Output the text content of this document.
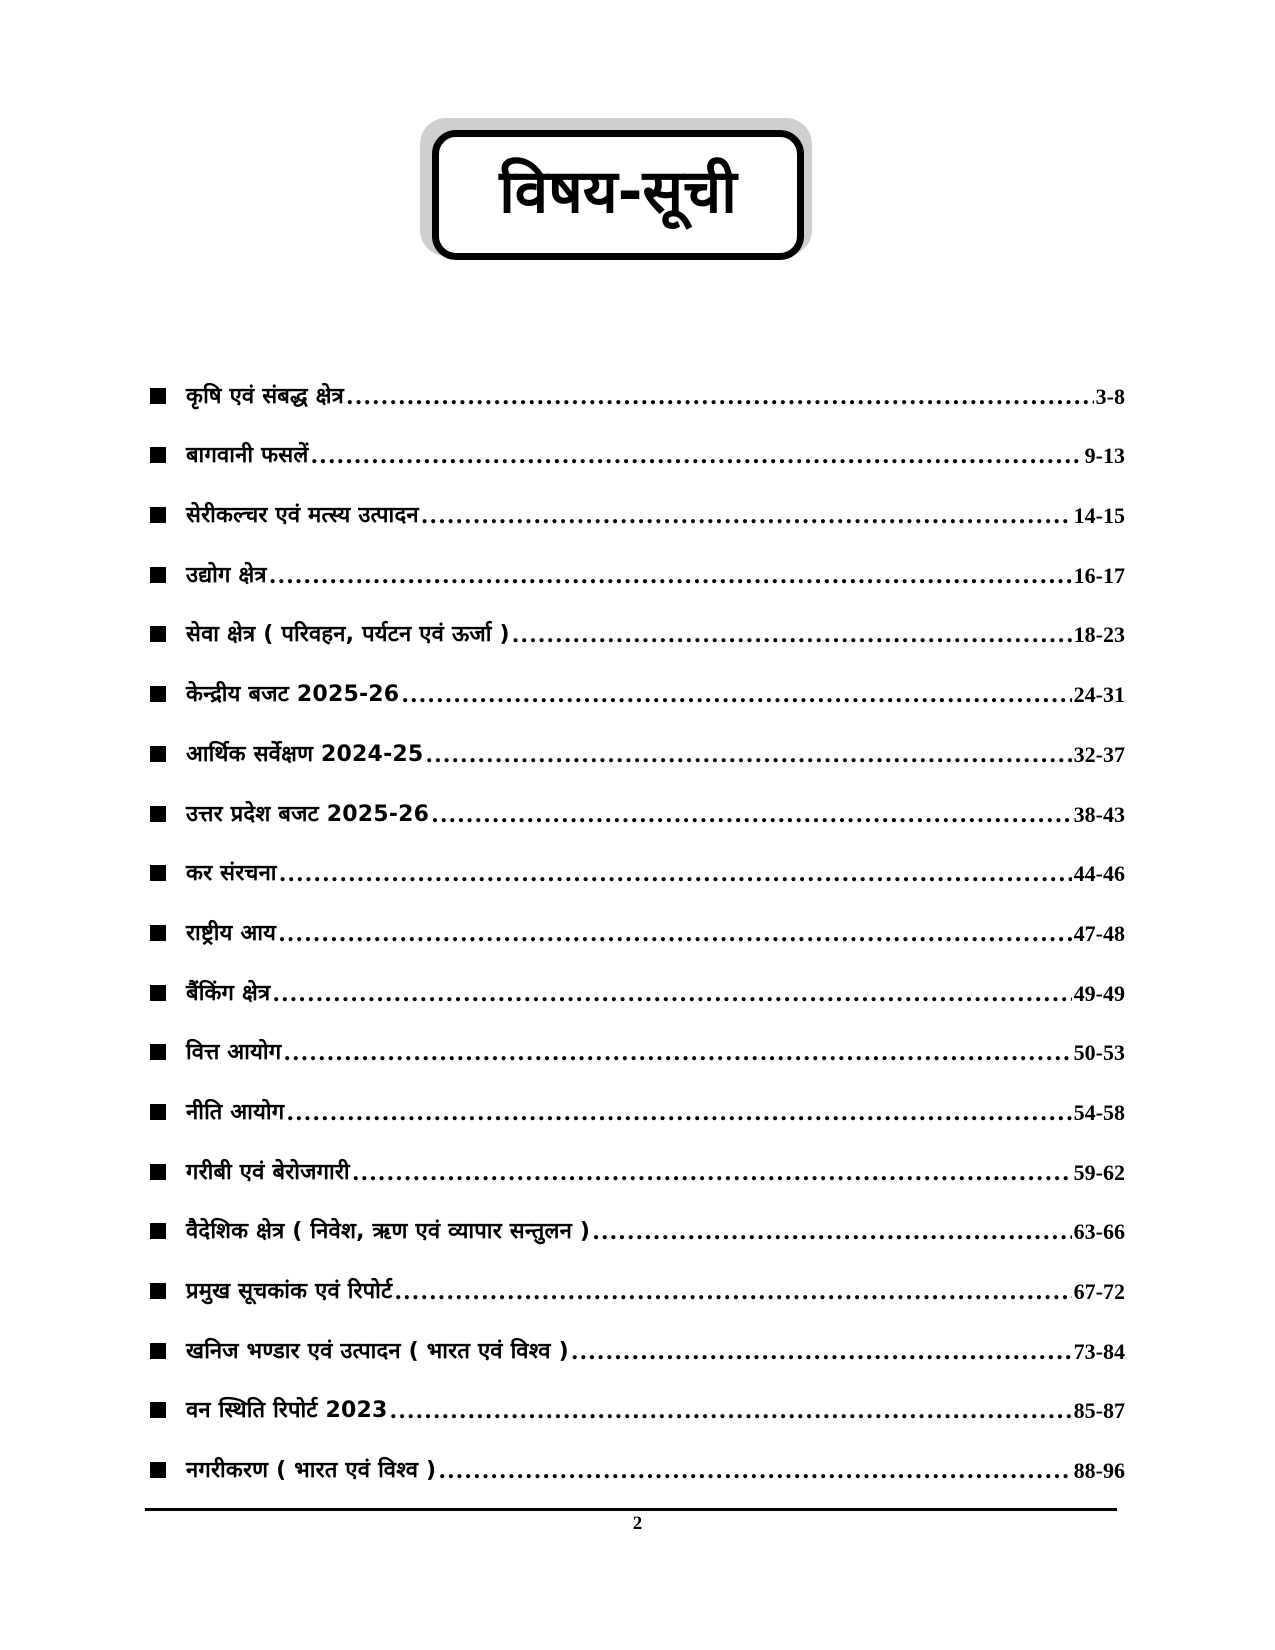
विषय-सूची
कृषि एवं संबद्ध क्षेत्र .....	3-8
बागवानी फसलें .....	9-13
सेरीकल्चर एवं मत्स्य उत्पादन .....	14-15
उद्योग क्षेत्र .....	16-17
सेवा क्षेत्र ( परिवहन, पर्यटन एवं ऊर्जा ) .....	18-23
केन्द्रीय बजट 2025-26 .....	24-31
आर्थिक सर्वेक्षण 2024-25 .....	32-37
उत्तर प्रदेश बजट 2025-26 .....	38-43
कर संरचना .....	44-46
राष्ट्रीय आय .....	47-48
बैंकिंग क्षेत्र .....	49-49
वित्त आयोग .....	50-53
नीति आयोग .....	54-58
गरीबी एवं बेरोजगारी .....	59-62
वैदेशिक क्षेत्र ( निवेश, ऋण एवं व्यापार सन्तुलन ) .....	63-66
प्रमुख सूचकांक एवं रिपोर्ट .....	67-72
खनिज भण्डार एवं उत्पादन ( भारत एवं विश्व ) .....	73-84
वन स्थिति रिपोर्ट 2023 .....	85-87
नगरीकरण ( भारत एवं विश्व ) .....	88-96
2
